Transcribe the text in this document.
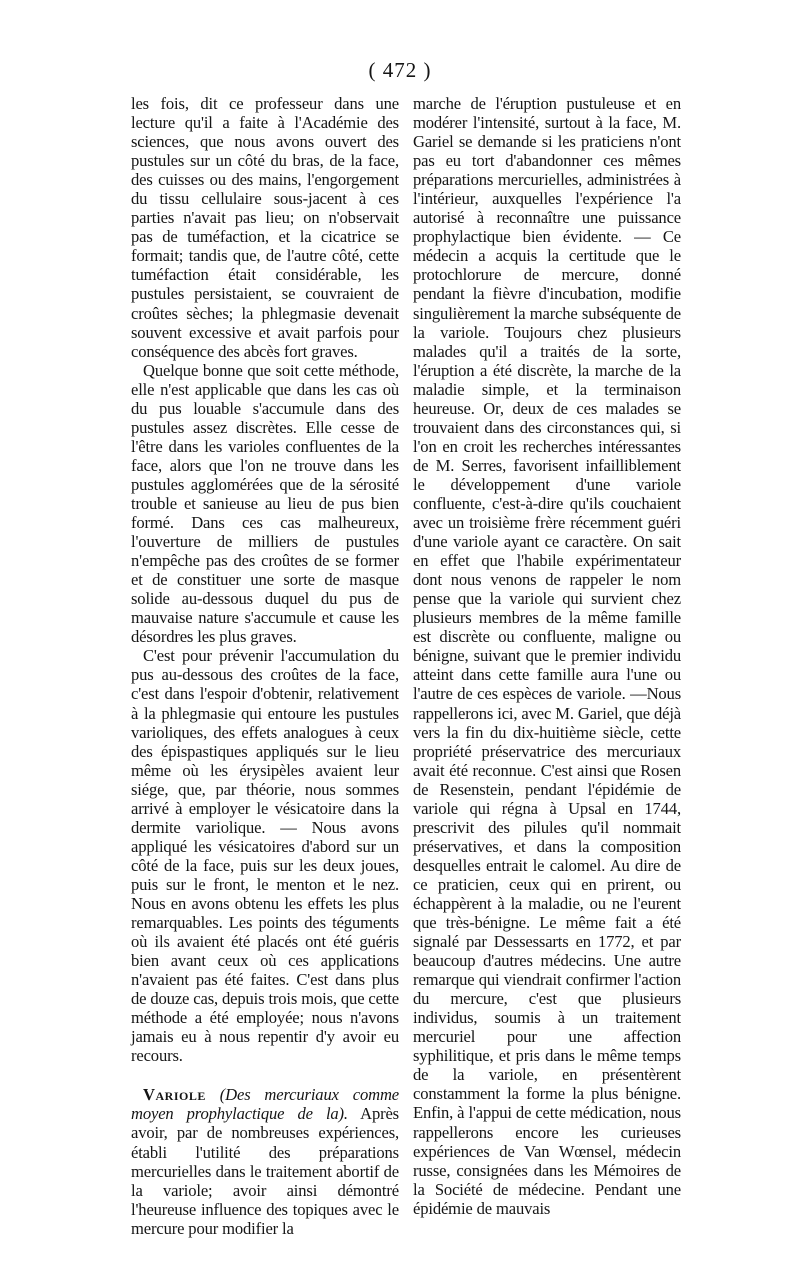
( 472 )

les fois, dit ce professeur dans une lecture qu'il a faite à l'Académie des sciences, que nous avons ouvert des pustules sur un côté du bras, de la face, des cuisses ou des mains, l'engorgement du tissu cellulaire sous-jacent à ces parties n'avait pas lieu; on n'observait pas de tuméfaction, et la cicatrice se formait; tandis que, de l'autre côté, cette tuméfaction était considérable, les pustules persistaient, se couvraient de croûtes sèches; la phlegmasie devenait souvent excessive et avait parfois pour conséquence des abcès fort graves.

Quelque bonne que soit cette méthode, elle n'est applicable que dans les cas où du pus louable s'accumule dans des pustules assez discrètes. Elle cesse de l'être dans les varioles confluentes de la face, alors que l'on ne trouve dans les pustules agglomérées que de la sérosité trouble et sanieuse au lieu de pus bien formé. Dans ces cas malheureux, l'ouverture de milliers de pustules n'empêche pas des croûtes de se former et de constituer une sorte de masque solide au-dessous duquel du pus de mauvaise nature s'accumule et cause les désordres les plus graves.

C'est pour prévenir l'accumulation du pus au-dessous des croûtes de la face, c'est dans l'espoir d'obtenir, relativement à la phlegmasie qui entoure les pustules varioliques, des effets analogues à ceux des épispastiques appliqués sur le lieu même où les érysipèles avaient leur siége, que, par théorie, nous sommes arrivé à employer le vésicatoire dans la dermite variolique. — Nous avons appliqué les vésicatoires d'abord sur un côté de la face, puis sur les deux joues, puis sur le front, le menton et le nez. Nous en avons obtenu les effets les plus remarquables. Les points des téguments où ils avaient été placés ont été guéris bien avant ceux où ces applications n'avaient pas été faites. C'est dans plus de douze cas, depuis trois mois, que cette méthode a été employée; nous n'avons jamais eu à nous repentir d'y avoir eu recours.

Variole (Des mercuriaux comme moyen prophylactique de la). Après avoir, par de nombreuses expériences, établi l'utilité des préparations mercurielles dans le traitement abortif de la variole; avoir ainsi démontré l'heureuse influence des topiques avec le mercure pour modifier la

marche de l'éruption pustuleuse et en modérer l'intensité, surtout à la face, M. Gariel se demande si les praticiens n'ont pas eu tort d'abandonner ces mêmes préparations mercurielles, administrées à l'intérieur, auxquelles l'expérience l'a autorisé à reconnaître une puissance prophylactique bien évidente. — Ce médecin a acquis la certitude que le protochlorure de mercure, donné pendant la fièvre d'incubation, modifie singulièrement la marche subséquente de la variole. Toujours chez plusieurs malades qu'il a traités de la sorte, l'éruption a été discrète, la marche de la maladie simple, et la terminaison heureuse. Or, deux de ces malades se trouvaient dans des circonstances qui, si l'on en croit les recherches intéressantes de M. Serres, favorisent infailliblement le développement d'une variole confluente, c'est-à-dire qu'ils couchaient avec un troisième frère récemment guéri d'une variole ayant ce caractère. On sait en effet que l'habile expérimentateur dont nous venons de rappeler le nom pense que la variole qui survient chez plusieurs membres de la même famille est discrète ou confluente, maligne ou bénigne, suivant que le premier individu atteint dans cette famille aura l'une ou l'autre de ces espèces de variole. —Nous rappellerons ici, avec M. Gariel, que déjà vers la fin du dix-huitième siècle, cette propriété préservatrice des mercuriaux avait été reconnue. C'est ainsi que Rosen de Resenstein, pendant l'épidémie de variole qui régna à Upsal en 1744, prescrivit des pilules qu'il nommait préservatives, et dans la composition desquelles entrait le calomel. Au dire de ce praticien, ceux qui en prirent, ou échappèrent à la maladie, ou ne l'eurent que très-bénigne. Le même fait a été signalé par Dessessarts en 1772, et par beaucoup d'autres médecins. Une autre remarque qui viendrait confirmer l'action du mercure, c'est que plusieurs individus, soumis à un traitement mercuriel pour une affection syphilitique, et pris dans le même temps de la variole, en présentèrent constamment la forme la plus bénigne. Enfin, à l'appui de cette médication, nous rappellerons encore les curieuses expériences de Van Wœnsel, médecin russe, consignées dans les Mémoires de la Société de médecine. Pendant une épidémie de mauvais
